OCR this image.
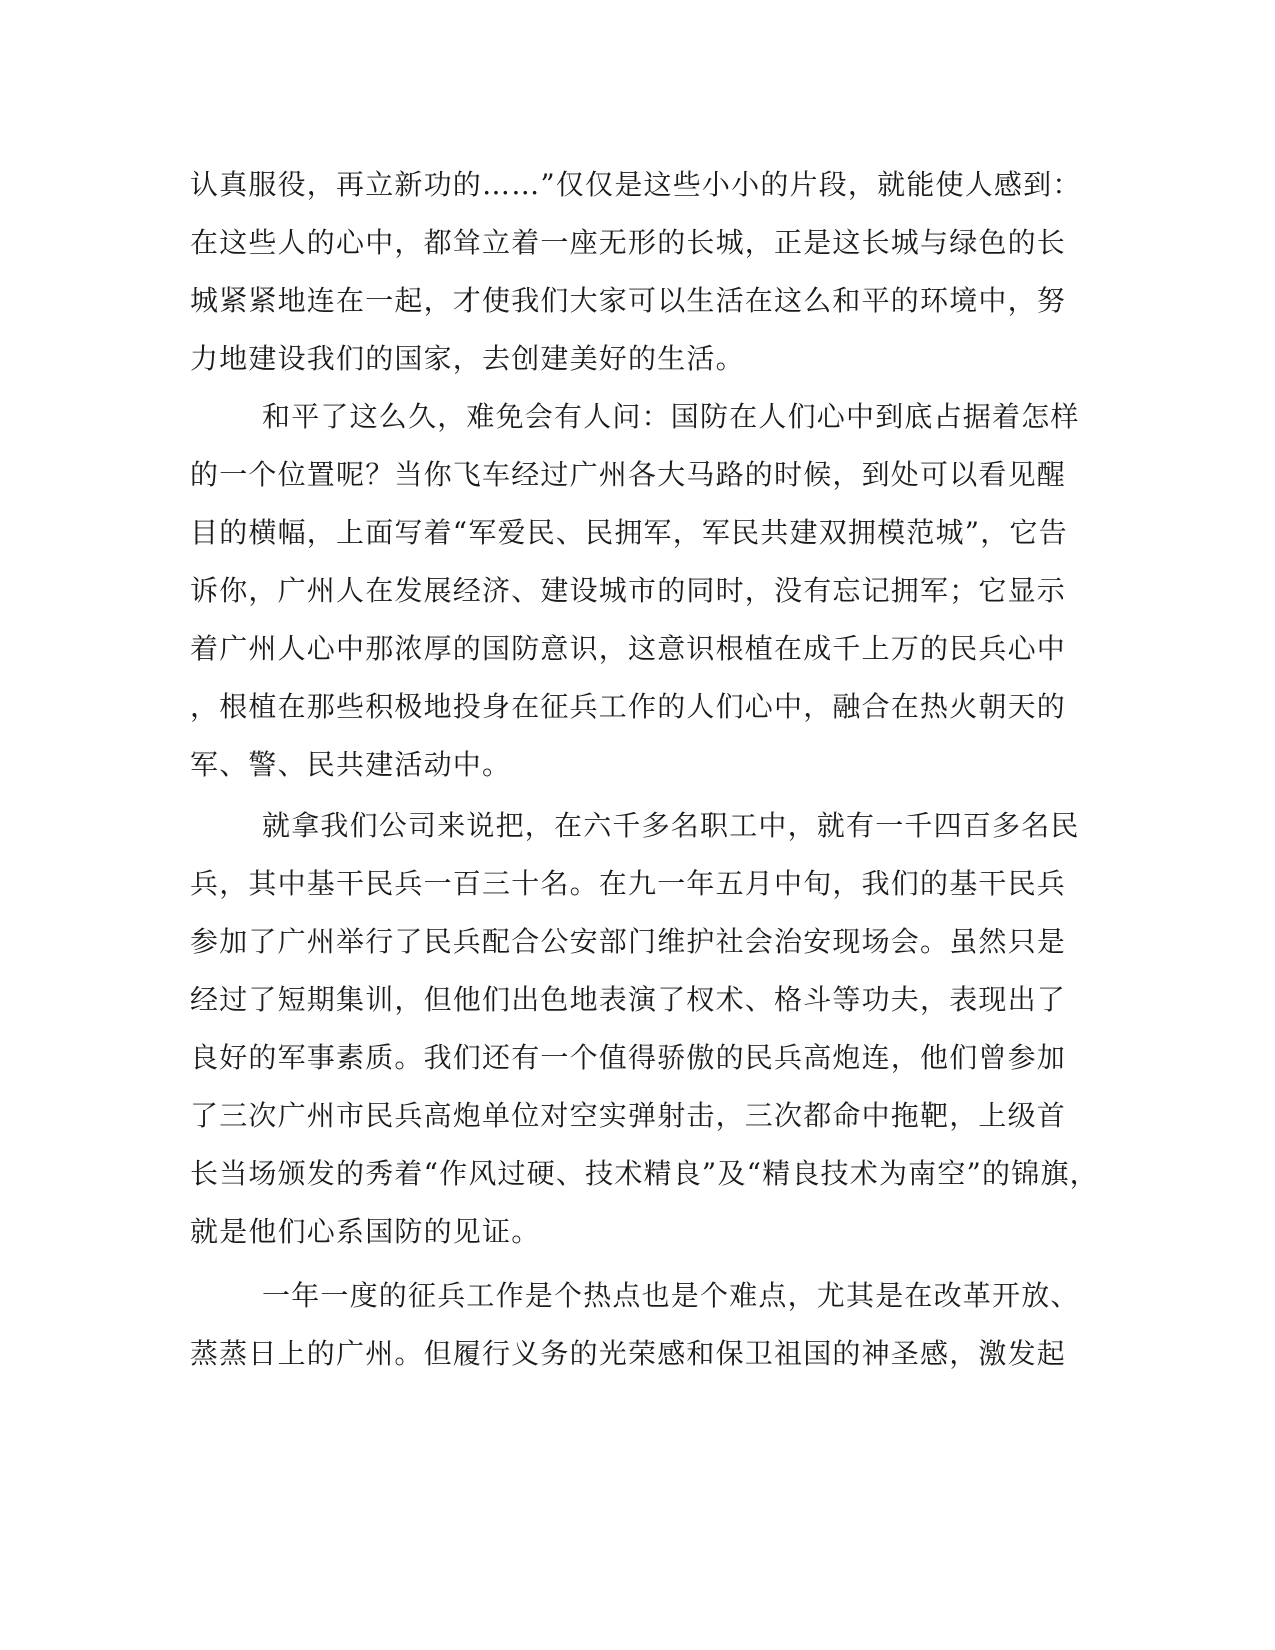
认真服役，再立新功的……”仅仅是这些小小的片段，就能使人感到：
在这些人的心中，都耸立着一座无形的长城，正是这长城与绿色的长
城紧紧地连在一起，才使我们大家可以生活在这么和平的环境中，努
力地建设我们的国家，去创建美好的生活。
和平了这么久，难免会有人问：国防在人们心中到底占据着怎样
的一个位置呢？当你飞车经过广州各大马路的时候，到处可以看见醒
目的横幅，上面写着“军爱民、民拥军，军民共建双拥模范城”，它告
诉你，广州人在发展经济、建设城市的同时，没有忘记拥军；它显示
着广州人心中那浓厚的国防意识，这意识根植在成千上万的民兵心中
，根植在那些积极地投身在征兵工作的人们心中，融合在热火朝天的
军、警、民共建活动中。
就拿我们公司来说把，在六千多名职工中，就有一千四百多名民
兵，其中基干民兵一百三十名。在九一年五月中旬，我们的基干民兵
参加了广州举行了民兵配合公安部门维护社会治安现场会。虽然只是
经过了短期集训，但他们出色地表演了杈术、格斗等功夫，表现出了
良好的军事素质。我们还有一个值得骄傲的民兵高炮连，他们曾参加
了三次广州市民兵高炮单位对空实弹射击，三次都命中拖靶，上级首
长当场颁发的秀着“作风过硬、技术精良”及“精良技术为南空”的锦旗，
就是他们心系国防的见证。
一年一度的征兵工作是个热点也是个难点，尤其是在改革开放、
蒸蒸日上的广州。但履行义务的光荣感和保卫祖国的神圣感，激发起
